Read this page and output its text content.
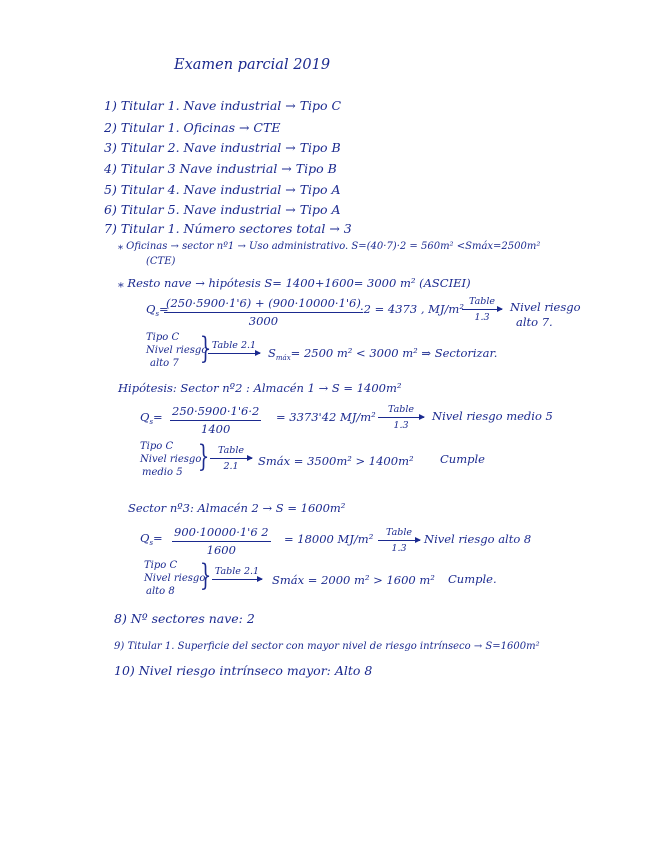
Examen parcial 2019
1) Titular 1. Nave industrial → Tipo C
2) Titular 1. Oficinas → CTE
3) Titular 2. Nave industrial → Tipo B
4) Titular 3 Nave industrial → Tipo B
5) Titular 4. Nave industrial → Tipo A
6) Titular 5. Nave industrial → Tipo A
7) Titular 1. Número sectores total → 3
⁎ Oficinas → sector nº1 → Uso administrativo. S=(40·7)·2 = 560m² <Smáx=2500m²
(CTE)
⁎ Resto nave → hipótesis S= 1400+1600= 3000 m² (ASCIEI)
$Q_s=$
$\frac{(250\cdot 5900\cdot 1'6) + (900\cdot 10000\cdot 1'6)}{3000}$
·2 = 4373 , MJ/m²
Table
1.3
Nivel riesgo
alto 7.
Tipo C
Nivel riesgo
alto 7 } Table 2.1
$S_{máx}= 2500$ m² < 3000 m² ⇒ Sectorizar.
Hipótesis: Sector nº2 : Almacén 1 → S = 1400m²
$Q_s= \frac{250\cdot 5900\cdot 1'6\cdot 2}{1400} = 3373'42$ MJ/m²
Table
1.3
Nivel riesgo medio 5
Tipo C
Nivel riesgo
medio 5 } Table
2.1 Smáx = 3500m² > 1400m² Cumple
Sector nº3: Almacén 2 → S = 1600m²
$Q_s= \frac{900\cdot 10000\cdot 1'6 2}{1600} = 18000$ MJ/m² Table
1.3
Nivel riesgo alto 8
Tipo C
Nivel riesgo
alto 8 } Table 2.1
Smáx = 2000 m² > 1600 m² Cumple.
8) Nº sectores nave: 2
9) Titular 1. Superficie del sector con mayor nivel de riesgo intrínseco → S=1600m²
10) Nivel riesgo intrínseco mayor: Alto 8
